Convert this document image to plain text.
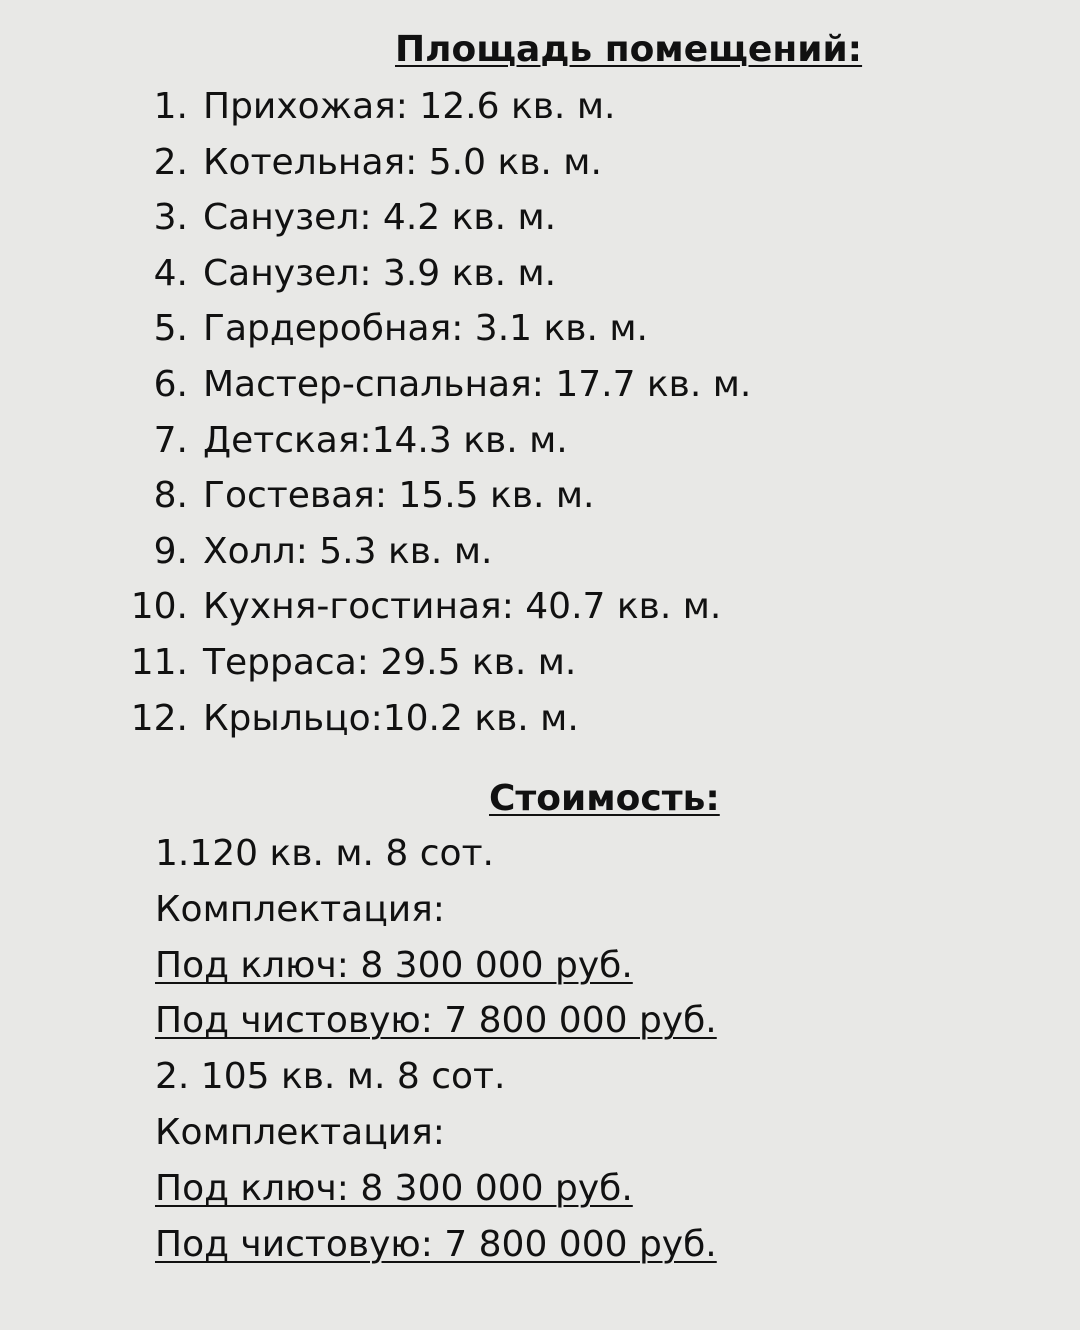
Площадь помещений:
1. Прихожая: 12.6 кв. м.
2. Котельная: 5.0 кв. м.
3. Санузел: 4.2 кв. м.
4. Санузел: 3.9 кв. м.
5. Гардеробная: 3.1 кв. м.
6. Мастер-спальная: 17.7 кв. м.
7. Детская:14.3 кв. м.
8. Гостевая: 15.5 кв. м.
9. Холл: 5.3 кв. м.
10. Кухня-гостиная: 40.7 кв. м.
11. Терраса: 29.5 кв. м.
12. Крыльцо:10.2 кв. м.
Стоимость:
1.120 кв. м. 8 сот.
Комплектация:
Под ключ: 8 300 000 руб.
Под чистовую: 7 800 000 руб.
2. 105 кв. м. 8 сот.
Комплектация:
Под ключ: 8 300 000 руб.
Под чистовую: 7 800 000 руб.
